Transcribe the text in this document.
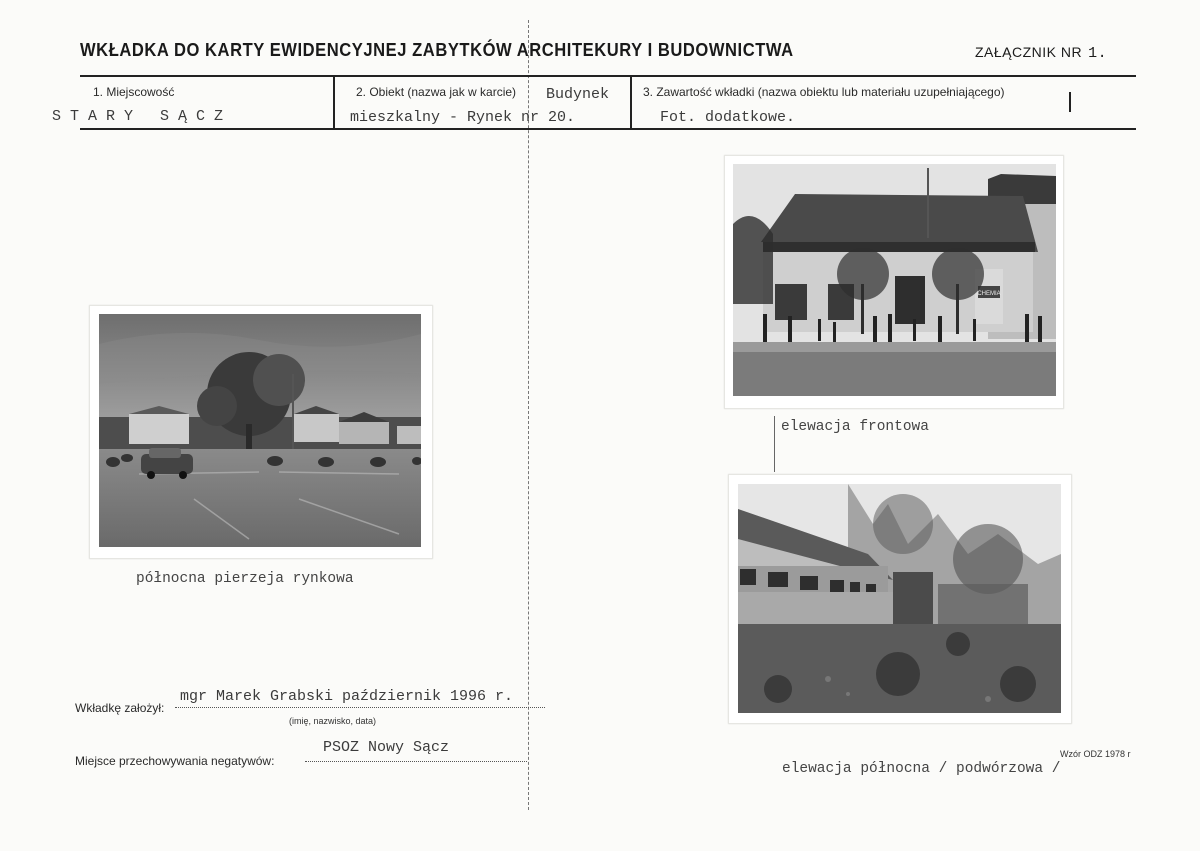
WKŁADKA DO KARTY EWIDENCYJNEJ ZABYTKÓW ARCHITEKURY I BUDOWNICTWA	ZAŁĄCZNIK NR 1.
1. Miejscowość
STARY SĄCZ
2. Obiekt (nazwa jak w karcie) Budynek
mieszkalny - Rynek nr 20.
3. Zawartość wkładki (nazwa obiektu lub materiału uzupełniającego)
Fot. dodatkowe.
północna pierzeja rynkowa
CHEMIA
elewacja frontowa
elewacja północna / podwórzowa /
Wkładkę założył:
mgr Marek Grabski październik 1996 r.
(imię, nazwisko, data)
Miejsce przechowywania negatywów:
PSOZ Nowy Sącz	Wzór ODZ 1978 r
